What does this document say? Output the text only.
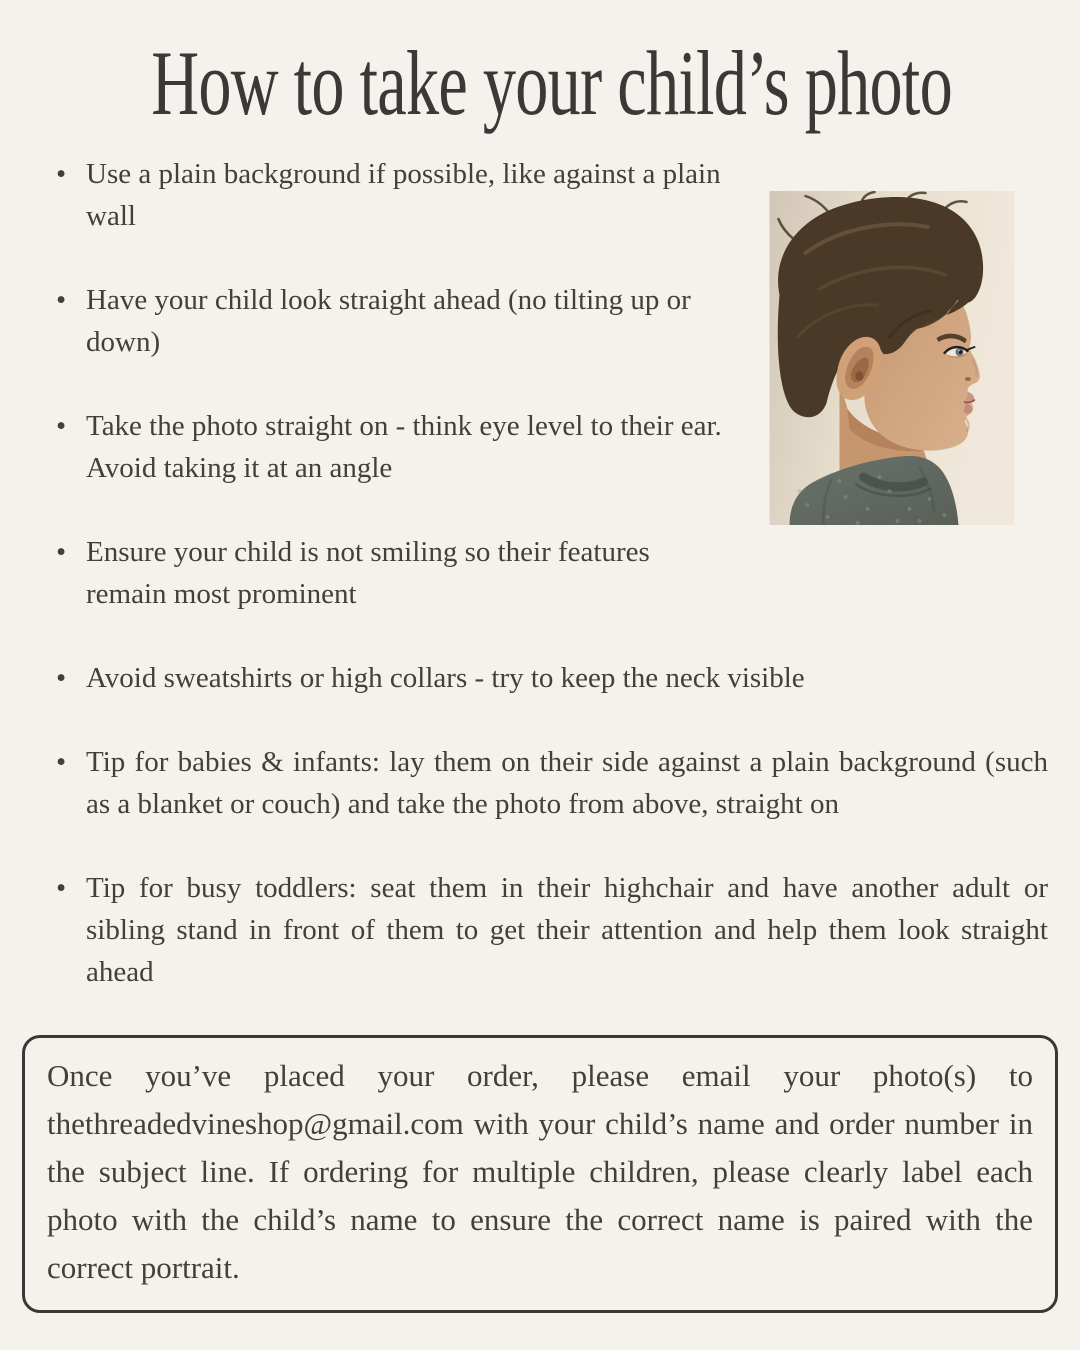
How to take your child’s photo
• Use a plain background if possible, like against a plain wall
• Have your child look straight ahead (no tilting up or down)
• Take the photo straight on - think eye level to their ear. Avoid taking it at an angle
• Ensure your child is not smiling so their features remain most prominent
• Avoid sweatshirts or high collars - try to keep the neck visible
• Tip for babies & infants: lay them on their side against a plain background (such as a blanket or couch) and take the photo from above, straight on
• Tip for busy toddlers: seat them in their highchair and have another adult or sibling stand in front of them to get their attention and help them look straight ahead

Once you’ve placed your order, please email your photo(s) to thethreadedvineshop@gmail.com with your child’s name and order number in the subject line. If ordering for multiple children, please clearly label each photo with the child’s name to ensure the correct name is paired with the correct portrait.
